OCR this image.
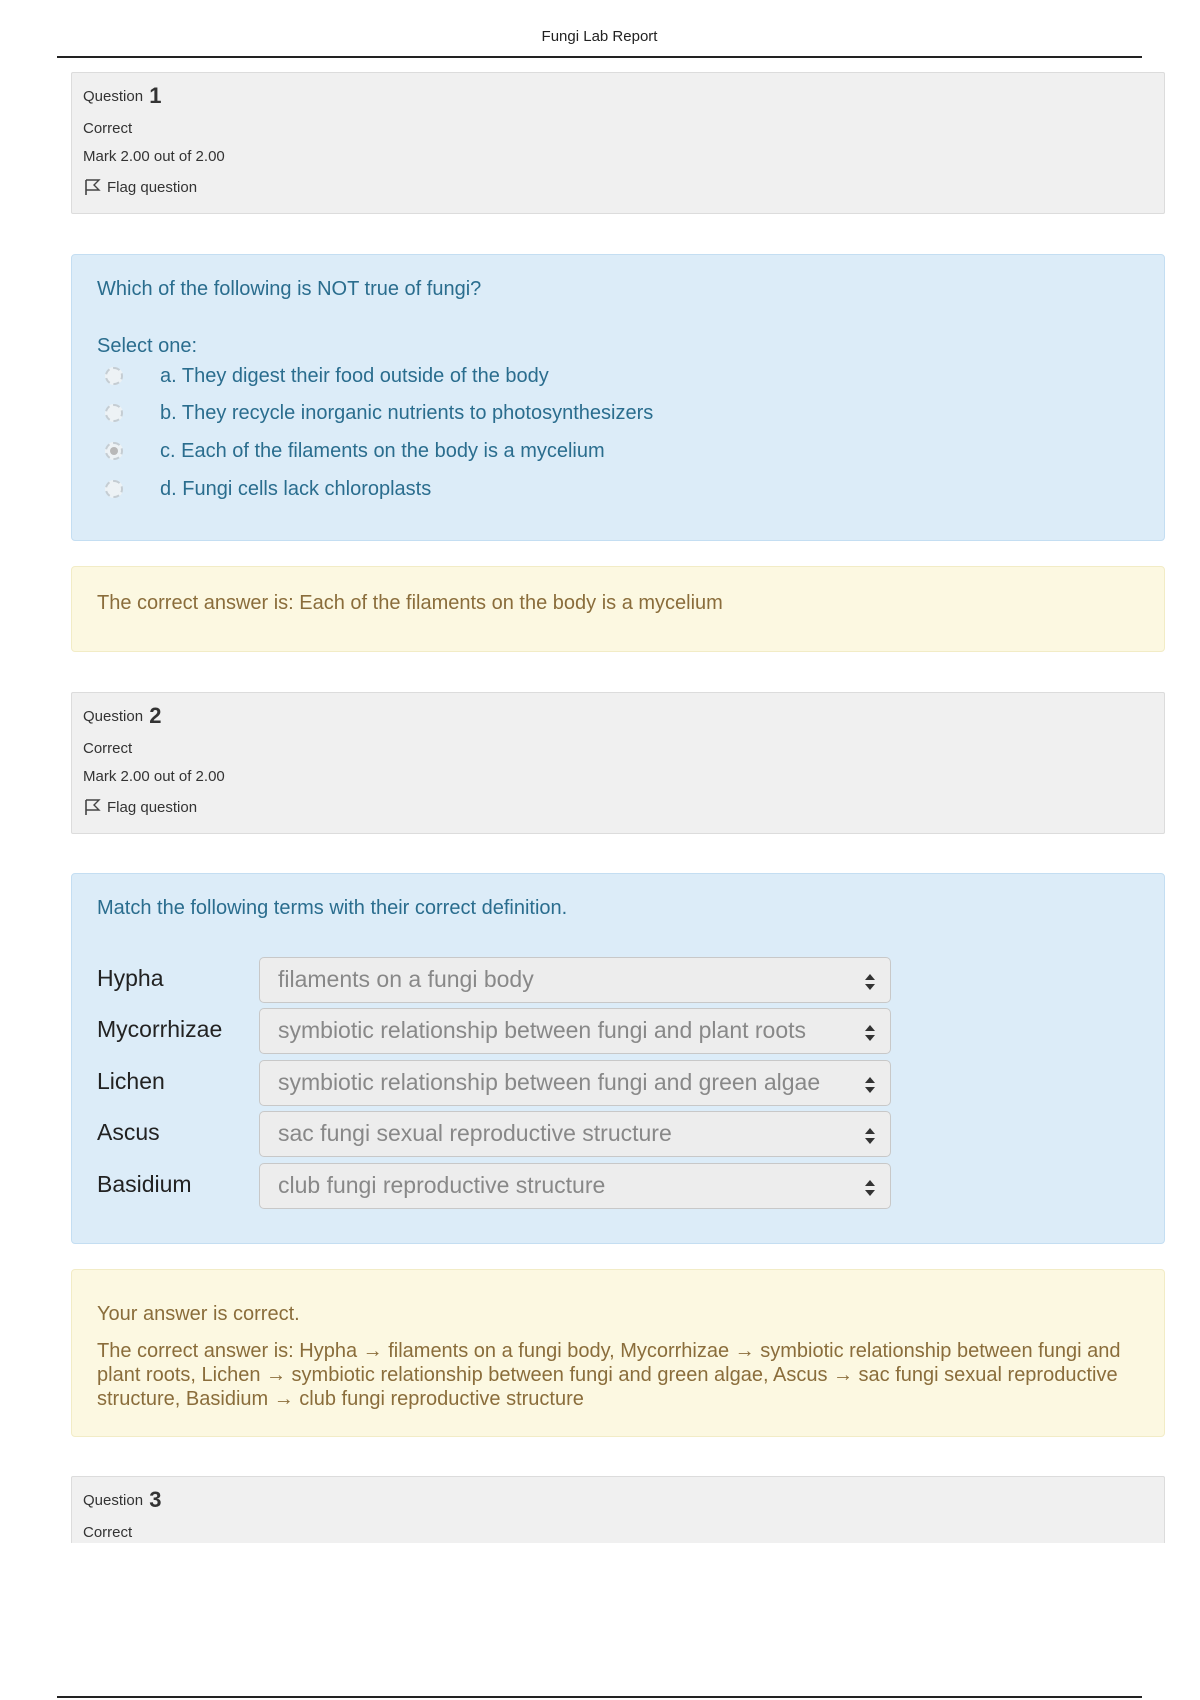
Fungi Lab Report
Question 1
Correct
Mark 2.00 out of 2.00
Flag question
Which of the following is NOT true of fungi?
Select one:
a. They digest their food outside of the body
b. They recycle inorganic nutrients to photosynthesizers
c. Each of the filaments on the body is a mycelium
d. Fungi cells lack chloroplasts
The correct answer is: Each of the filaments on the body is a mycelium
Question 2
Correct
Mark 2.00 out of 2.00
Flag question
Match the following terms with their correct definition.
Hypha	filaments on a fungi body
Mycorrhizae	symbiotic relationship between fungi and plant roots
Lichen	symbiotic relationship between fungi and green algae
Ascus	sac fungi sexual reproductive structure
Basidium	club fungi reproductive structure
Your answer is correct.
The correct answer is: Hypha → filaments on a fungi body, Mycorrhizae → symbiotic relationship between fungi and plant roots, Lichen → symbiotic relationship between fungi and green algae, Ascus → sac fungi sexual reproductive structure, Basidium → club fungi reproductive structure
Question 3
Correct
